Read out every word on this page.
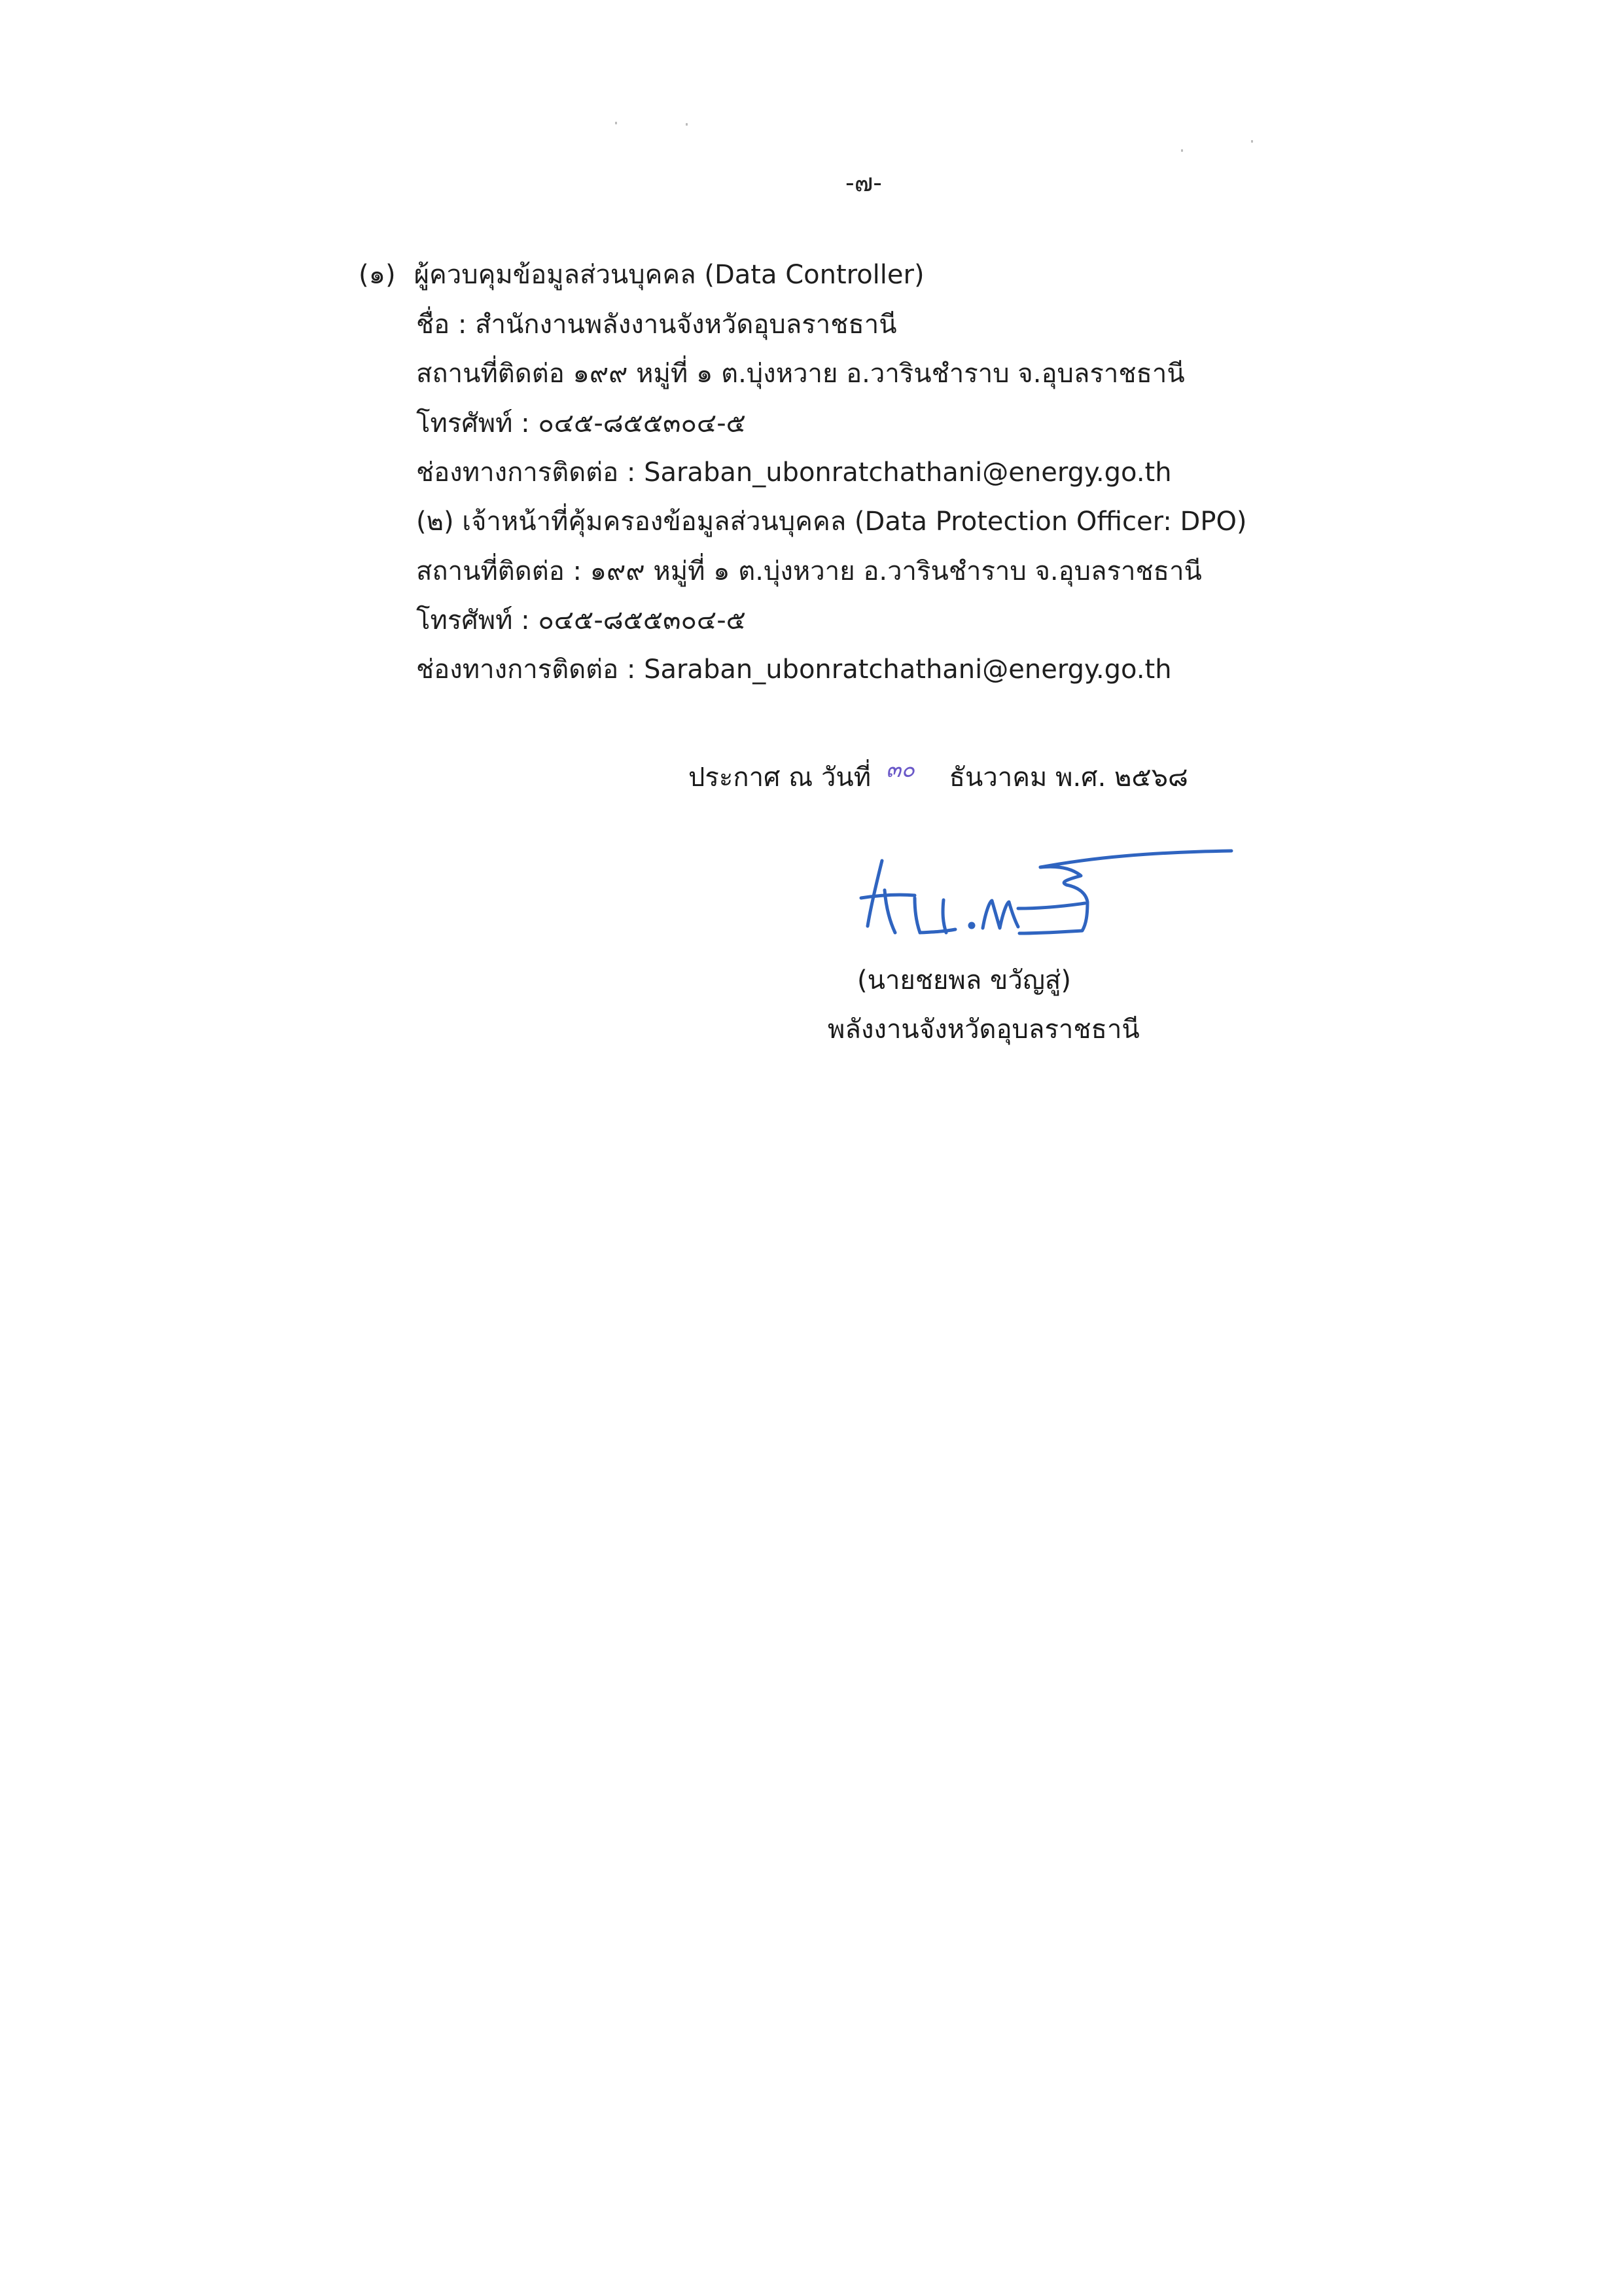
-๗-
(๑) ผู้ควบคุมข้อมูลส่วนบุคคล (Data Controller)
ชื่อ : สำนักงานพลังงานจังหวัดอุบลราชธานี
สถานที่ติดต่อ ๑๙๙ หมู่ที่ ๑ ต.บุ่งหวาย อ.วารินชำราบ จ.อุบลราชธานี
โทรศัพท์ : ๐๔๕-๘๕๕๓๐๔-๕
ช่องทางการติดต่อ : Saraban_ubonratchathani@energy.go.th
(๒) เจ้าหน้าที่คุ้มครองข้อมูลส่วนบุคคล (Data Protection Officer: DPO)
สถานที่ติดต่อ : ๑๙๙ หมู่ที่ ๑ ต.บุ่งหวาย อ.วารินชำราบ จ.อุบลราชธานี
โทรศัพท์ : ๐๔๕-๘๕๕๓๐๔-๕
ช่องทางการติดต่อ : Saraban_ubonratchathani@energy.go.th
ประกาศ ณ วันที่ ๓๐ ธันวาคม พ.ศ. ๒๕๖๘
(นายชยพล ขวัญสู่)
พลังงานจังหวัดอุบลราชธานี
